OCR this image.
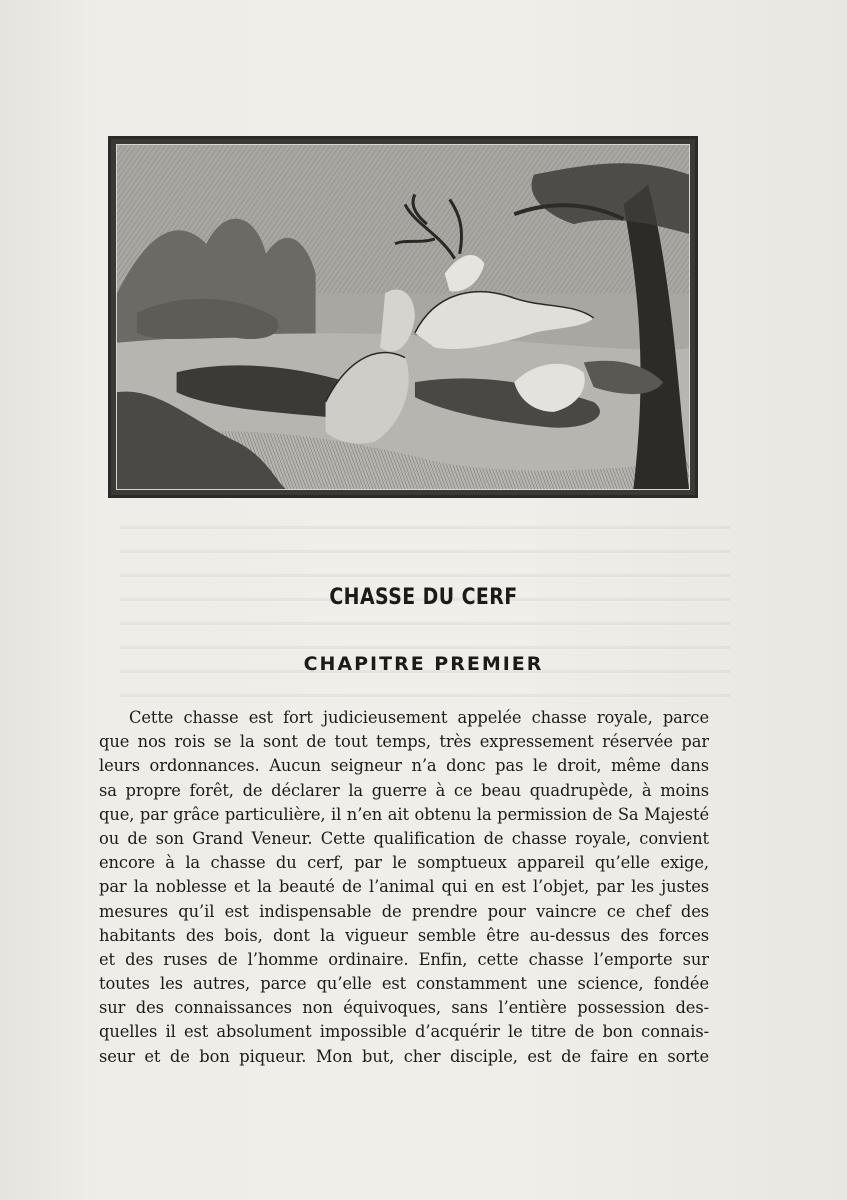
CHASSE DU CERF
CHAPITRE PREMIER
Cette chasse est fort judicieusement appelée chasse royale, parce
que nos rois se la sont de tout temps, très expressement réservée par
leurs ordonnances. Aucun seigneur n’a donc pas le droit, même dans
sa propre forêt, de déclarer la guerre à ce beau quadrupède, à moins
que, par grâce particulière, il n’en ait obtenu la permission de Sa Majesté
ou de son Grand Veneur. Cette qualification de chasse royale, convient
encore à la chasse du cerf, par le somptueux appareil qu’elle exige,
par la noblesse et la beauté de l’animal qui en est l’objet, par les justes
mesures qu’il est indispensable de prendre pour vaincre ce chef des
habitants des bois, dont la vigueur semble être au-dessus des forces
et des ruses de l’homme ordinaire. Enfin, cette chasse l’emporte sur
toutes les autres, parce qu’elle est constamment une science, fondée
sur des connaissances non équivoques, sans l’entière possession des-
quelles il est absolument impossible d’acquérir le titre de bon connais-
seur et de bon piqueur. Mon but, cher disciple, est de faire en sorte
